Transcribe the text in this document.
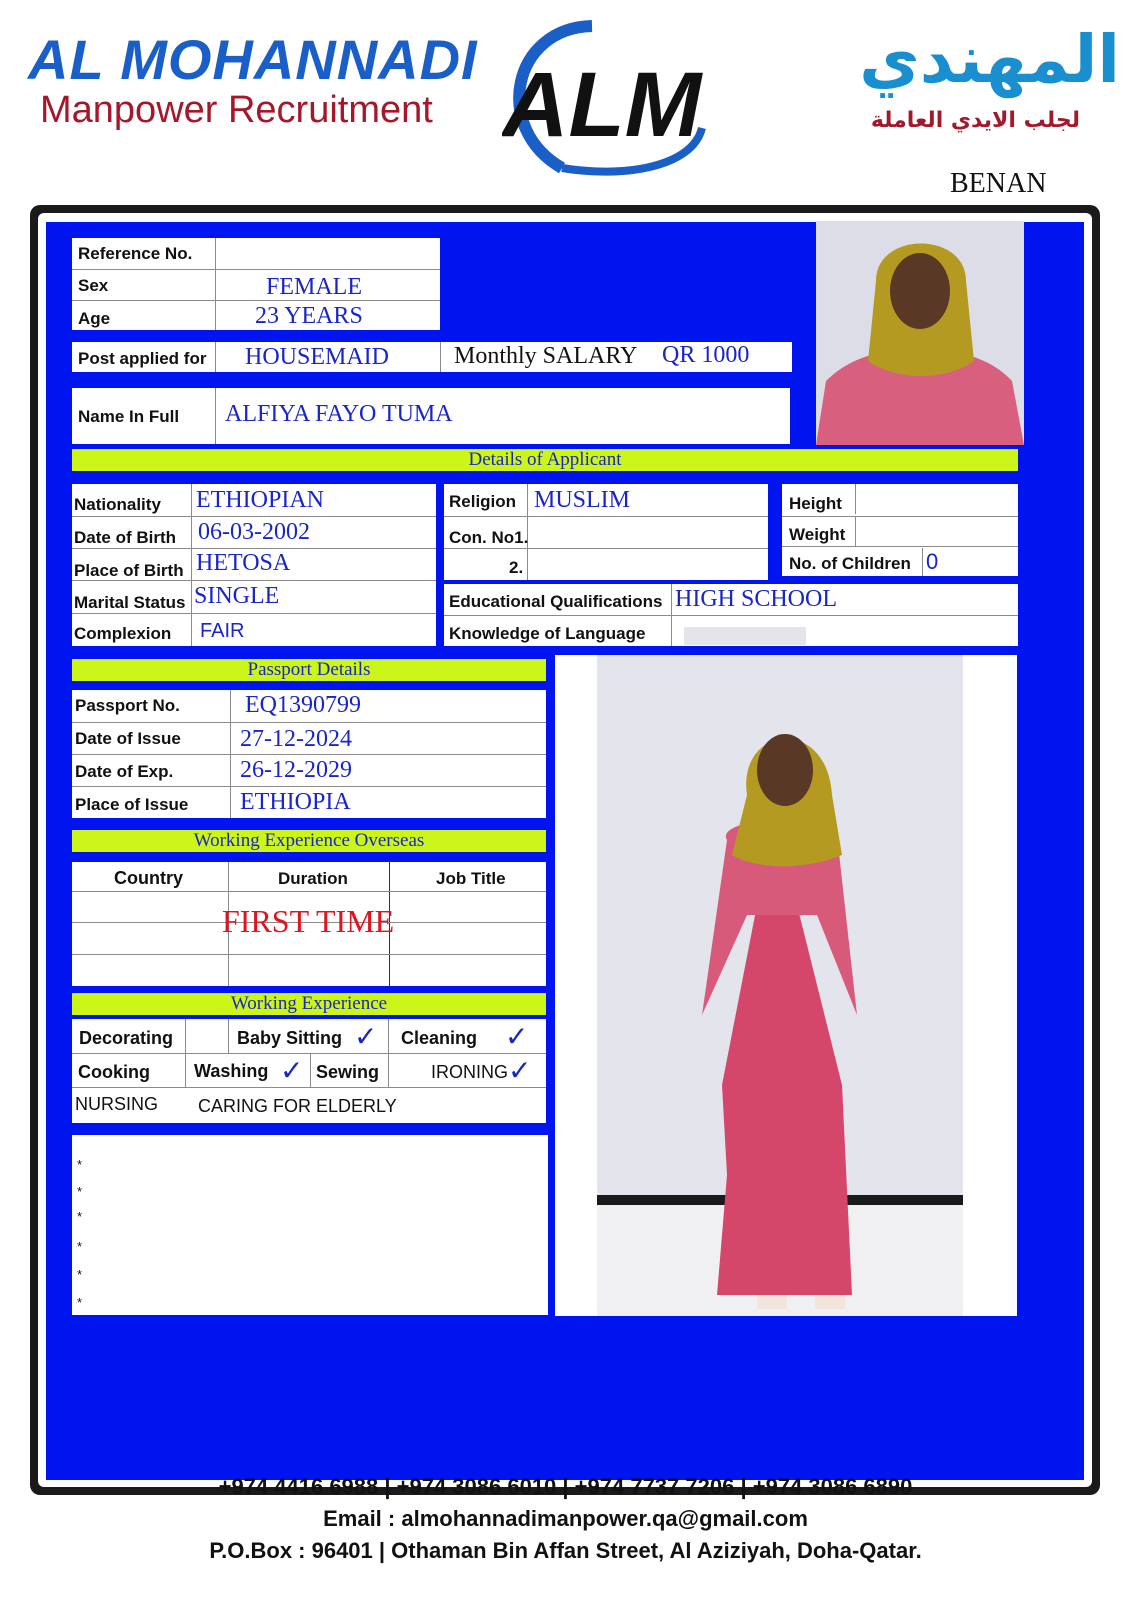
AL MOHANNADI
Manpower Recruitment ALM	المهندي
لجلب الايدي العاملة
BENAN
Reference No.
Sex	FEMALE
Age	23 YEARS
Post applied for HOUSEMAID	Monthly SALARY QR 1000
Name In Full ALFIYA FAYO TUMA
Details of Applicant
Nationality ETHIOPIAN
Date of Birth 06-03-2002
Place of Birth HETOSA
Marital Status SINGLE
Complexion FAIR
Religion MUSLIM
Con. No1.
2.
Height
Weight
No. of Children 0
Educational Qualifications HIGH SCHOOL
Knowledge of Language
Passport Details
Passport No.	EQ1390799
Date of Issue 27-12-2024
Date of Exp.	26-12-2029
Place of Issue ETHIOPIA
Working Experience Overseas
Country	Duration	Job Title
FIRST TIME
Working Experience
Decorating	Baby Sitting ✓ Cleaning ✓
Cooking Washing ✓ Sewing	IRONING ✓
NURSING CARING FOR ELDERLY
*
*
*
*
*
*
+974 4416 6988 | +974 3086 6010 | +974 7737 7206 | +974 3086 6890
Email : almohannadimanpower.qa@gmail.com
P.O.Box : 96401 | Othaman Bin Affan Street, Al Aziziyah, Doha-Qatar.
